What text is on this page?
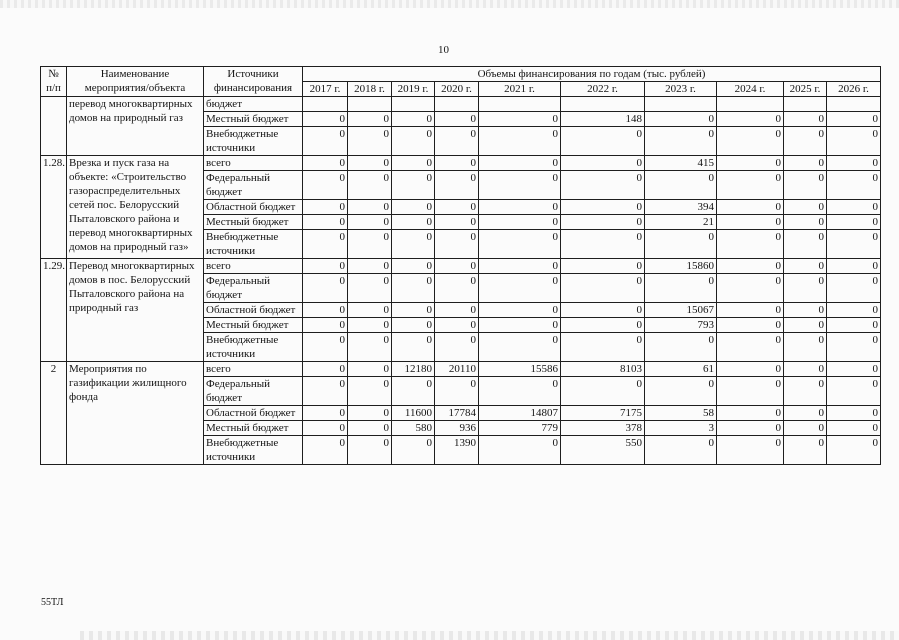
10
№ п/п	Наименование мероприятия/объекта	Источники финансирования	Объемы финансирования по годам (тыс. рублей)									
			2017 г.	2018 г.	2019 г.	2020 г.	2021 г.	2022 г.	2023 г.	2024 г.	2025 г.	2026 г.
	перевод многоквартирных домов на природный газ	бюджет										
		Местный бюджет	0	0	0	0	0	148	0	0	0	0
		Внебюджетные источники	0	0	0	0	0	0	0	0	0	0
1.28.	Врезка и пуск газа на объекте: «Строительство газораспределительных сетей пос. Белорусский Пыталовского района и перевод многоквартирных домов на природный газ»	всего	0	0	0	0	0	0	415	0	0	0
		Федеральный бюджет	0	0	0	0	0	0	0	0	0	0
		Областной бюджет	0	0	0	0	0	0	394	0	0	0
		Местный бюджет	0	0	0	0	0	0	21	0	0	0
		Внебюджетные источники	0	0	0	0	0	0	0	0	0	0
1.29.	Перевод многоквартирных домов в пос. Белорусский Пыталовского района на природный газ	всего	0	0	0	0	0	0	15860	0	0	0
		Федеральный бюджет	0	0	0	0	0	0	0	0	0	0
		Областной бюджет	0	0	0	0	0	0	15067	0	0	0
		Местный бюджет	0	0	0	0	0	0	793	0	0	0
		Внебюджетные источники	0	0	0	0	0	0	0	0	0	0
2	Мероприятия по газификации жилищного фонда	всего	0	0	12180	20110	15586	8103	61	0	0	0
		Федеральный бюджет	0	0	0	0	0	0	0	0	0	0
		Областной бюджет	0	0	11600	17784	14807	7175	58	0	0	0
		Местный бюджет	0	0	580	936	779	378	3	0	0	0
		Внебюджетные источники	0	0	0	1390	0	550	0	0	0	0
55ТЛ
